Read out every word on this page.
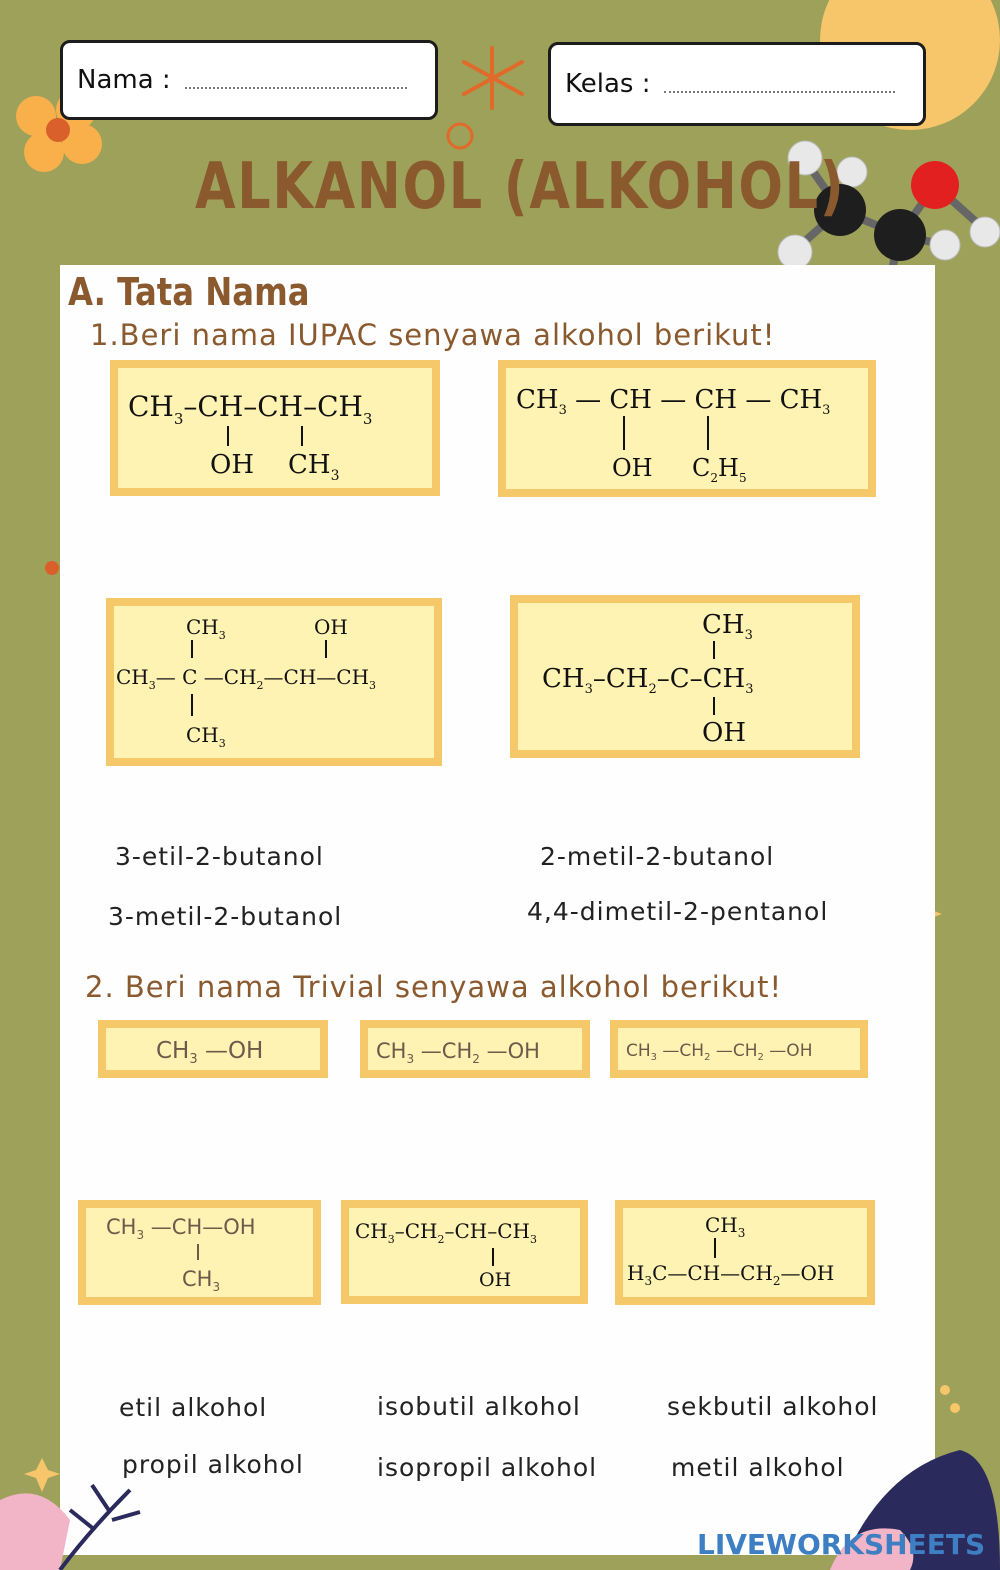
Nama :	Kelas :
ALKANOL (ALKOHOL)
A. Tata Nama
1.Beri nama IUPAC senyawa alkohol berikut!
$CH_3-CH-CH-CH_3$
OH $CH_3$
$CH_3$ — CH — CH — $CH_3$
OH $C_2H_5$
$CH_3$	OH
$CH_3—$ C $—CH_2—CH—CH_3$
$CH_3$
$CH_3$
$CH_3-CH_2-C-CH_3$
OH
3-etil-2-butanol	2-metil-2-butanol
3-metil-2-butanol	4,4-dimetil-2-pentanol
2. Beri nama Trivial senyawa alkohol berikut!
$CH_3$ —OH	$CH_3$ $—CH_2$ —OH	$CH_3$ $—CH_2$ $—CH_2$ —OH
$CH_3$ —CH—OH
$CH_3$
$CH_3-CH_2-CH-CH_3$
OH
$CH_3$
$H_3C—CH—CH_2—OH$
etil alkohol	isobutil alkohol	sekbutil alkohol
propil alkohol	isopropil alkohol	metil alkohol
LIVEWORKSHEETS
